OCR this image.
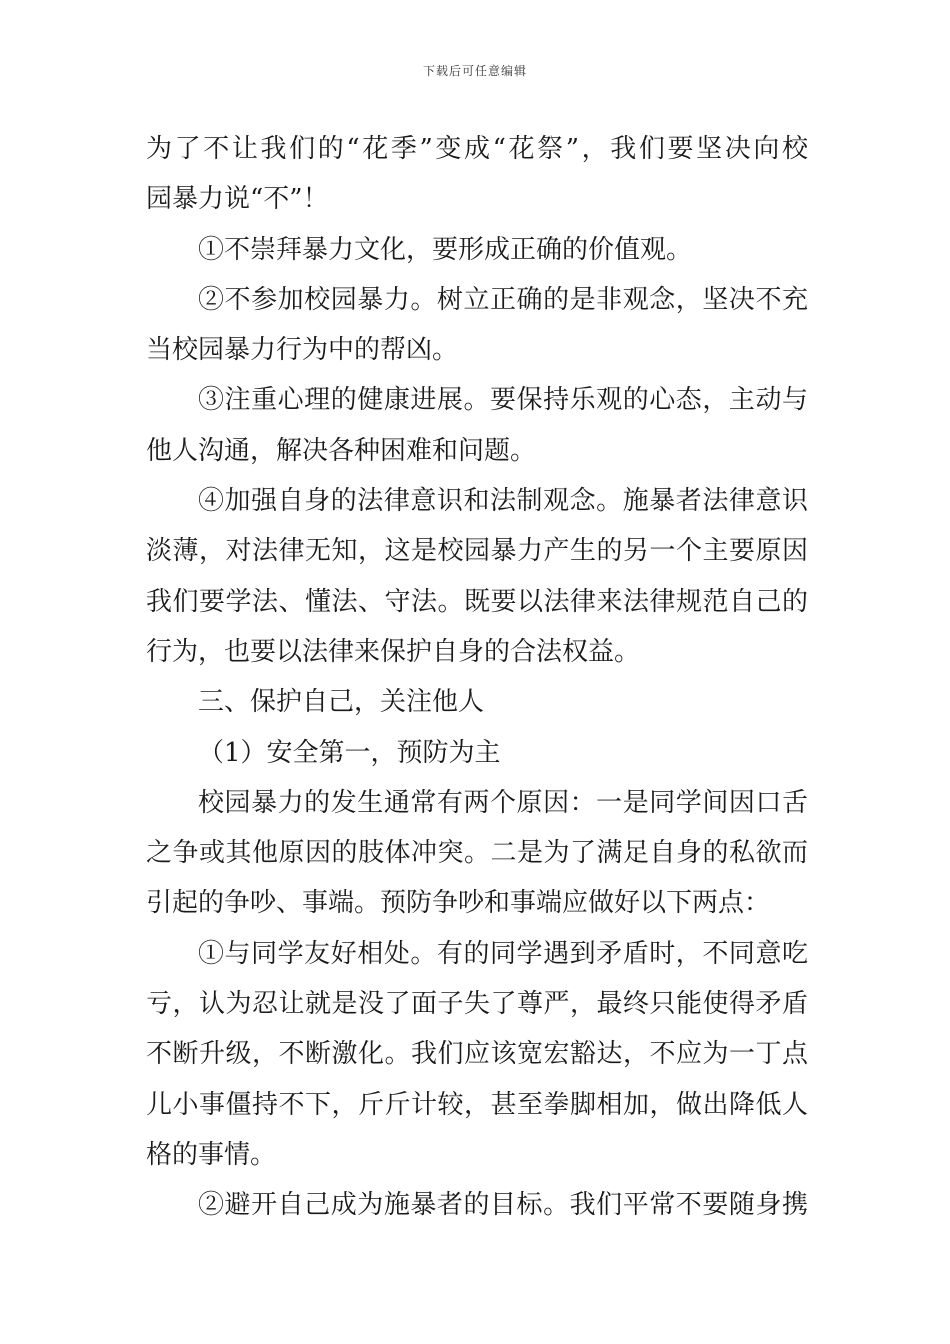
下载后可任意编辑
为了不让我们的“花季”变成“花祭”，我们要坚决向校
园暴力说“不”！
①不崇拜暴力文化，要形成正确的价值观。
②不参加校园暴力。树立正确的是非观念，坚决不充
当校园暴力行为中的帮凶。
③注重心理的健康进展。要保持乐观的心态，主动与
他人沟通，解决各种困难和问题。
④加强自身的法律意识和法制观念。施暴者法律意识
淡薄，对法律无知，这是校园暴力产生的另一个主要原因
我们要学法、懂法、守法。既要以法律来法律规范自己的
行为，也要以法律来保护自身的合法权益。
三、保护自己，关注他人
（1）安全第一，预防为主
校园暴力的发生通常有两个原因：一是同学间因口舌
之争或其他原因的肢体冲突。二是为了满足自身的私欲而
引起的争吵、事端。预防争吵和事端应做好以下两点：
①与同学友好相处。有的同学遇到矛盾时，不同意吃
亏，认为忍让就是没了面子失了尊严，最终只能使得矛盾
不断升级，不断激化。我们应该宽宏豁达，不应为一丁点
儿小事僵持不下，斤斤计较，甚至拳脚相加，做出降低人
格的事情。
②避开自己成为施暴者的目标。我们平常不要随身携
